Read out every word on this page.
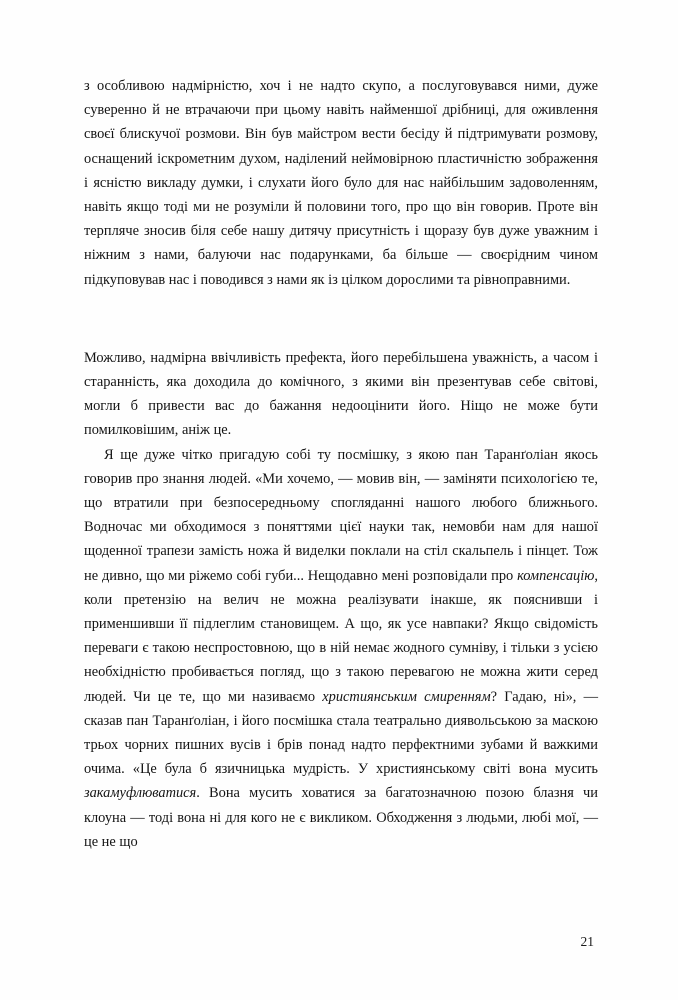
з особливою надмірністю, хоч і не надто скупо, а послуговувався ними, дуже суверенно й не втрачаючи при цьому навіть найменшої дрібниці, для оживлення своєї блискучої розмови. Він був майстром вести бесіду й підтримувати розмову, оснащений іскрометним духом, наділений неймовірною пластичністю зображення і ясністю викладу думки, і слухати його було для нас найбільшим задоволенням, навіть якщо тоді ми не розуміли й половини того, про що він говорив. Проте він терпляче зносив біля себе нашу дитячу присутність і щоразу був дуже уважним і ніжним з нами, балуючи нас подарунками, ба більше — своєрідним чином підкуповував нас і поводився з нами як із цілком дорослими та рівноправними.

Можливо, надмірна ввічливість префекта, його перебільшена уважність, а часом і старанність, яка доходила до комічного, з якими він презентував себе світові, могли б привести вас до бажання недооцінити його. Ніщо не може бути помилковішим, аніж це.

Я ще дуже чітко пригадую собі ту посмішку, з якою пан Таранґоліан якось говорив про знання людей. «Ми хочемо, — мовив він, — заміняти психологією те, що втратили при безпосередньому спогляданні нашого любого ближнього. Водночас ми обходимося з поняттями цієї науки так, немовби нам для нашої щоденної трапези замість ножа й виделки поклали на стіл скальпель і пінцет. Тож не дивно, що ми ріжемо собі губи... Нещодавно мені розповідали про компенсацію, коли претензію на велич не можна реалізувати інакше, як пояснивши і применшивши її підлеглим становищем. А що, як усе навпаки? Якщо свідомість переваги є такою неспростовною, що в ній немає жодного сумніву, і тільки з усією необхідністю пробивається погляд, що з такою перевагою не можна жити серед людей. Чи це те, що ми називаємо християнським смиренням? Гадаю, ні», — сказав пан Таранґоліан, і його посмішка стала театрально диявольською за маскою трьох чорних пишних вусів і брів понад надто перфектними зубами й важкими очима. «Це була б язичницька мудрість. У християнському світі вона мусить закамуфлюватися. Вона мусить ховатися за багатозначною позою блазня чи клоуна — тоді вона ні для кого не є викликом. Обходження з людьми, любі мої, — це не що

21
